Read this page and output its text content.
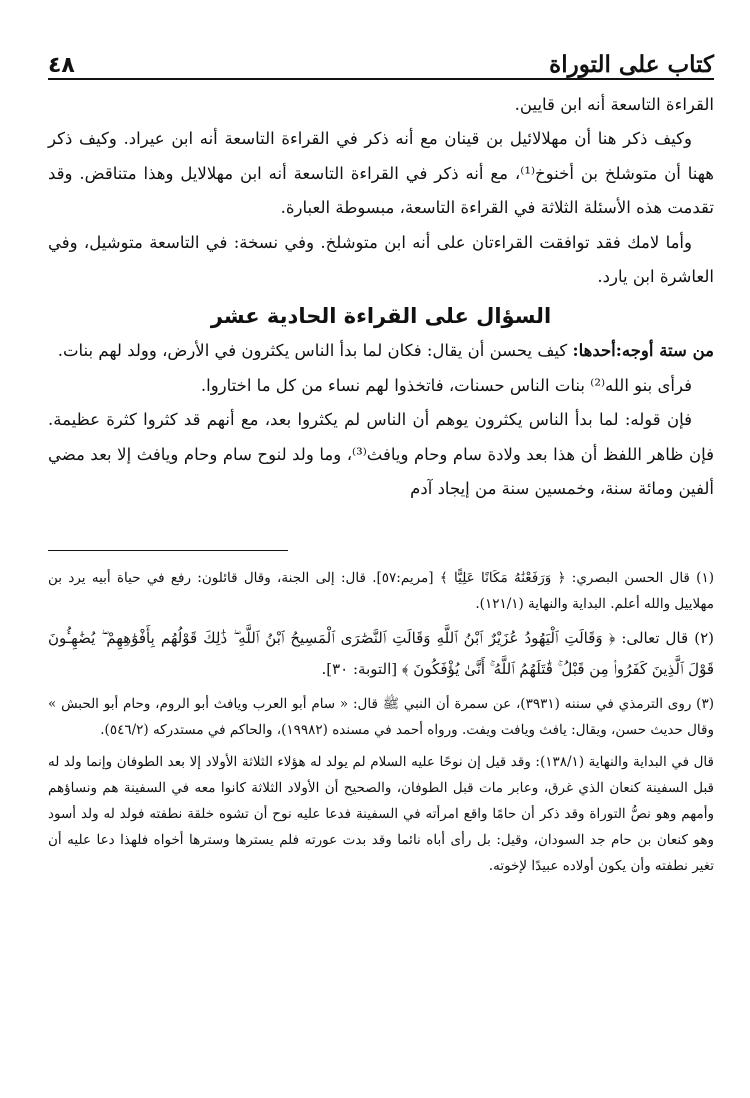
كتاب على التوراة
٤٨

القراءة التاسعة أنه ابن قايين.

وكيف ذكر هنا أن مهلالائيل بن قينان مع أنه ذكر في القراءة التاسعة أنه ابن عيراد. وكيف ذكر ههنا أن متوشلخ بن أخنوخ⁽¹⁾، مع أنه ذكر في القراءة التاسعة أنه ابن مهلالايل وهذا متناقض. وقد تقدمت هذه الأسئلة الثلاثة في القراءة التاسعة، مبسوطة العبارة.

وأما لامك فقد توافقت القراءتان على أنه ابن متوشلخ. وفي نسخة: في التاسعة متوشيل، وفي العاشرة ابن يارد.

السؤال على القراءة الحادية عشر

من ستة أوجه:أحدها: كيف يحسن أن يقال: فكان لما بدأ الناس يكثرون في الأرض، وولد لهم بنات.

فرأى بنو الله⁽²⁾ بنات الناس حسنات، فاتخذوا لهم نساء من كل ما اختاروا.

فإن قوله: لما بدأ الناس يكثرون يوهم أن الناس لم يكثروا بعد، مع أنهم قد كثروا كثرة عظيمة. فإن ظاهر اللفظ أن هذا بعد ولادة سام وحام ويافث⁽³⁾، وما ولد لنوح سام وحام ويافث إلا بعد مضي ألفين ومائة سنة، وخمسين سنة من إيجاد آدم

(١) قال الحسن البصري: ﴿ وَرَفَعْنَٰهُ مَكَانًا عَلِيًّا ﴾ [مريم:٥٧]. قال: إلى الجنة، وقال قائلون: رفع في حياة أبيه يرد بن مهلاييل والله أعلم. البداية والنهاية (١٢١/١).

(٢) قال تعالى: ﴿ وَقَالَتِ ٱلْيَهُودُ عُزَيْرٌ ٱبْنُ ٱللَّهِ وَقَالَتِ ٱلنَّصَٰرَى ٱلْمَسِيحُ ٱبْنُ ٱللَّهِ ۖ ذَٰلِكَ قَوْلُهُم بِأَفْوَٰهِهِمْ ۖ يُضَٰهِـُٔونَ قَوْلَ ٱلَّذِينَ كَفَرُوا۟ مِن قَبْلُ ۚ قَٰتَلَهُمُ ٱللَّهُ ۚ أَنَّىٰ يُؤْفَكُونَ ﴾ [التوبة: ٣٠].

(٣) روى الترمذي في سننه (٣٩٣١)، عن سمرة أن النبي ﷺ قال: « سام أبو العرب ويافث أبو الروم، وحام أبو الحبش » وقال حديث حسن، ويقال: يافث ويافت ويفت. ورواه أحمد في مسنده (١٩٩٨٢)، والحاكم في مستدركه (٥٤٦/٢).

قال في البداية والنهاية (١٣٨/١): وقد قيل إن نوحًا عليه السلام لم يولد له هؤلاء الثلاثة الأولاد إلا بعد الطوفان وإنما ولد له قبل السفينة كنعان الذي غرق، وعابر مات قبل الطوفان، والصحيح أن الأولاد الثلاثة كانوا معه في السفينة هم ونساؤهم وأمهم وهو نصُّ التوراة وقد ذكر أن حامًا واقع امرأته في السفينة فدعا عليه نوح أن تشوه خلقة نطفته فولد له ولد أسود وهو كنعان بن حام جد السودان، وقيل: بل رأى أباه نائما وقد بدت عورته فلم يسترها وسترها أخواه فلهذا دعا عليه أن تغير نطفته وأن يكون أولاده عبيدًا لإخوته.
